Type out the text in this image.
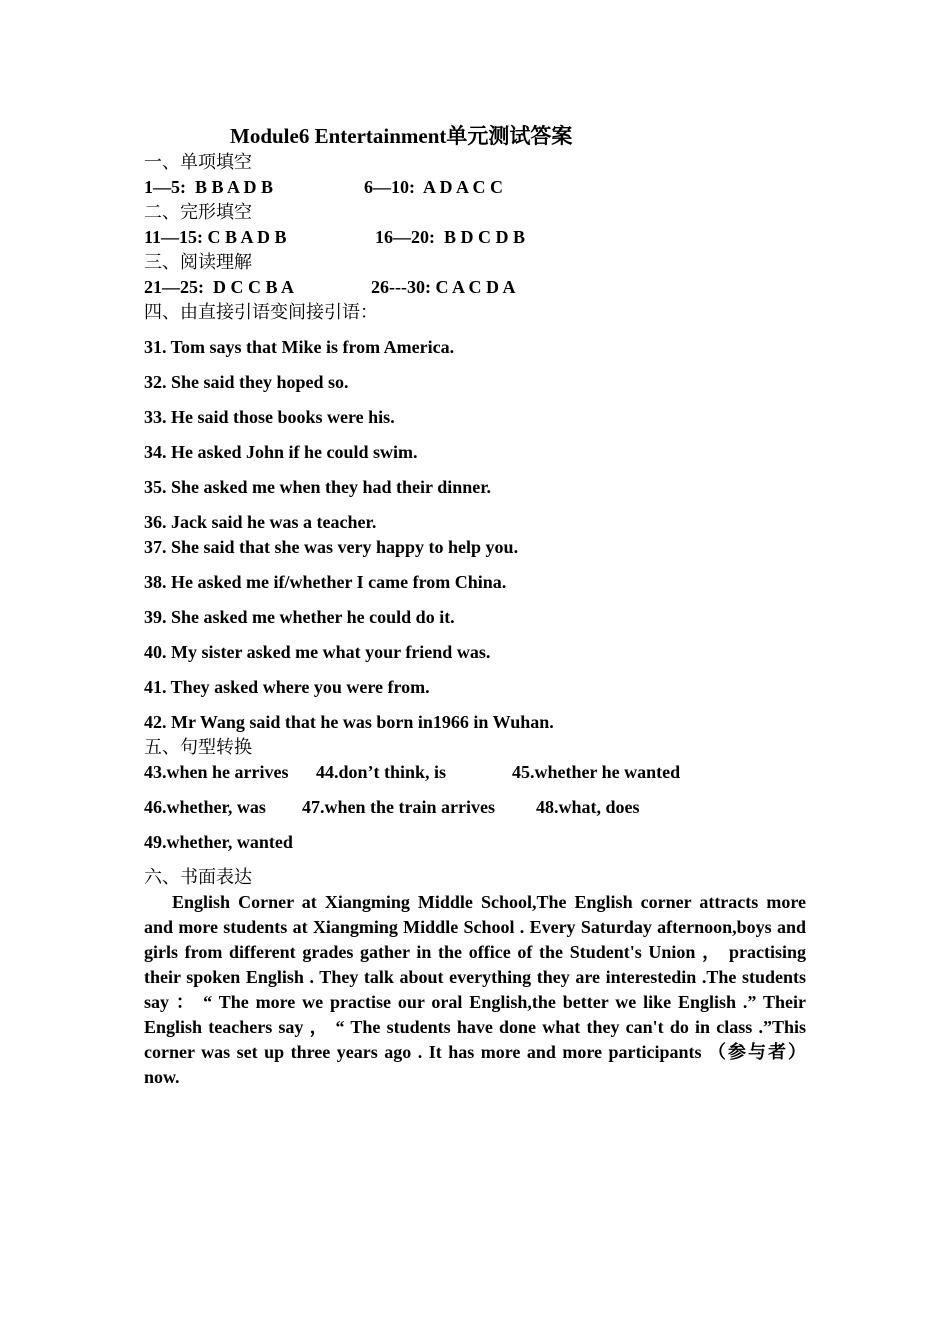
Module6 Entertainment单元测试答案
一、单项填空
1—5:  B B A D B	6—10:  A D A C C
二、完形填空
11—15: C B A D B	16—20:  B D C D B
三、阅读理解
21—25:  D C C B A	26---30: C A C D A
四、由直接引语变间接引语：
31. Tom says that Mike is from America.
32. She said they hoped so.
33. He said those books were his.
34. He asked John if he could swim.
35. She asked me when they had their dinner.
36. Jack said he was a teacher.
37. She said that she was very happy to help you.
38. He asked me if/whether I came from China.
39. She asked me whether he could do it.
40. My sister asked me what your friend was.
41. They asked where you were from.
42. Mr Wang said that he was born in1966 in Wuhan.
五、句型转换
43.when he arrives	44.don’t think, is	45.whether he wanted
46.whether, was	47.when the train arrives	48.what, does
49.whether, wanted
六、书面表达

English Corner at Xiangming Middle School,The English corner attracts more and more students at Xiangming Middle School . Every Saturday afternoon,boys and girls from different grades gather in the office of the Student's Union ， practising their spoken English . They talk about everything they are interestedin .The students say ： “ The more we practise our oral English,the better we like English .” Their English teachers say ， “ The students have done what they can't do in class .”This corner was set up three years ago . It has more and more participants （参与者） now.
